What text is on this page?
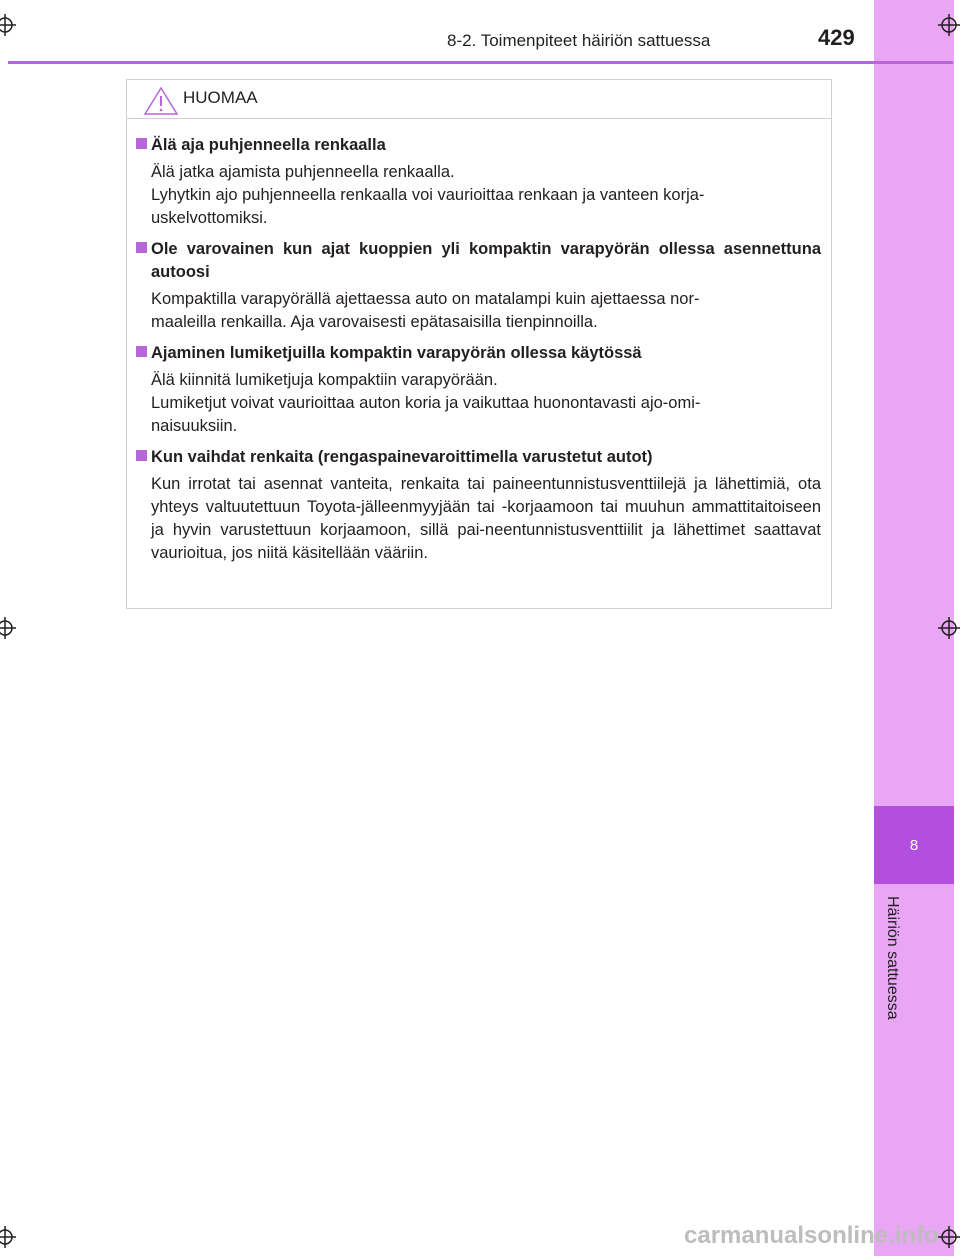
8
Häiriön sattuessa
8-2. Toimenpiteet häiriön sattuessa	429
HUOMAA

Älä aja puhjenneella renkaalla

Älä jatka ajamista puhjenneella renkaalla.
Lyhytkin ajo puhjenneella renkaalla voi vaurioittaa renkaan ja vanteen korja-
uskelvottomiksi.

Ole varovainen kun ajat kuoppien yli kompaktin varapyörän ollessa asennettuna autoosi

Kompaktilla varapyörällä ajettaessa auto on matalampi kuin ajettaessa nor-
maaleilla renkailla. Aja varovaisesti epätasaisilla tienpinnoilla.

Ajaminen lumiketjuilla kompaktin varapyörän ollessa käytössä

Älä kiinnitä lumiketjuja kompaktiin varapyörään.
Lumiketjut voivat vaurioittaa auton koria ja vaikuttaa huonontavasti ajo-omi-
naisuuksiin.

Kun vaihdat renkaita (rengaspainevaroittimella varustetut autot)

Kun irrotat tai asennat vanteita, renkaita tai paineentunnistusventtiilejä ja lähettimiä, ota yhteys valtuutettuun Toyota-jälleenmyyjään tai -korjaamoon tai muuhun ammattitaitoiseen ja hyvin varustettuun korjaamoon, sillä pai-neentunnistusventtiilit ja lähettimet saattavat vaurioitua, jos niitä käsitellään vääriin.

carmanualsonline.info
